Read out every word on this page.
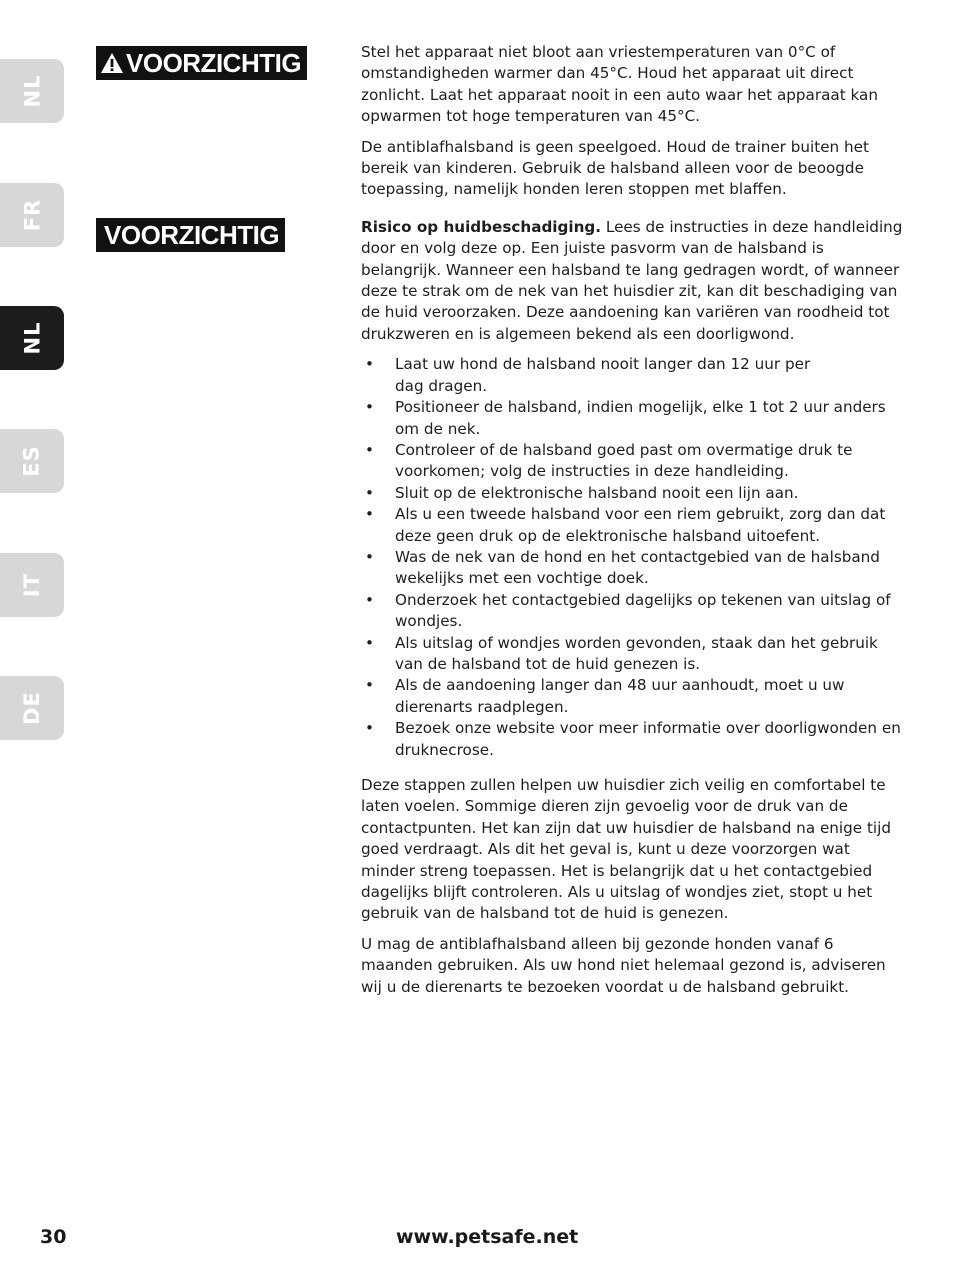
NL
FR
NL
ES
IT
DE
VOORZICHTIG
VOORZICHTIG

Stel het apparaat niet bloot aan vriestemperaturen van 0°C of omstandigheden warmer dan 45°C. Houd het apparaat uit direct zonlicht. Laat het apparaat nooit in een auto waar het apparaat kan opwarmen tot hoge temperaturen van 45°C.

De antiblafhalsband is geen speelgoed. Houd de trainer buiten het bereik van kinderen. Gebruik de halsband alleen voor de beoogde toepassing, namelijk honden leren stoppen met blaffen.

Risico op huidbeschadiging. Lees de instructies in deze handleiding door en volg deze op. Een juiste pasvorm van de halsband is belangrijk. Wanneer een halsband te lang gedragen wordt, of wanneer deze te strak om de nek van het huisdier zit, kan dit beschadiging van de huid veroorzaken. Deze aandoening kan variëren van roodheid tot drukzweren en is algemeen bekend als een doorligwond.

• Laat uw hond de halsband nooit langer dan 12 uur per dag dragen.
• Positioneer de halsband, indien mogelijk, elke 1 tot 2 uur anders om de nek.
• Controleer of de halsband goed past om overmatige druk te voorkomen; volg de instructies in deze handleiding.
• Sluit op de elektronische halsband nooit een lijn aan.
• Als u een tweede halsband voor een riem gebruikt, zorg dan dat deze geen druk op de elektronische halsband uitoefent.
• Was de nek van de hond en het contactgebied van de halsband wekelijks met een vochtige doek.
• Onderzoek het contactgebied dagelijks op tekenen van uitslag of wondjes.
• Als uitslag of wondjes worden gevonden, staak dan het gebruik van de halsband tot de huid genezen is.
• Als de aandoening langer dan 48 uur aanhoudt, moet u uw dierenarts raadplegen.
• Bezoek onze website voor meer informatie over doorligwonden en druknecrose.

Deze stappen zullen helpen uw huisdier zich veilig en comfortabel te laten voelen. Sommige dieren zijn gevoelig voor de druk van de contactpunten. Het kan zijn dat uw huisdier de halsband na enige tijd goed verdraagt. Als dit het geval is, kunt u deze voorzorgen wat minder streng toepassen. Het is belangrijk dat u het contactgebied dagelijks blijft controleren. Als u uitslag of wondjes ziet, stopt u het gebruik van de halsband tot de huid is genezen.

U mag de antiblafhalsband alleen bij gezonde honden vanaf 6 maanden gebruiken. Als uw hond niet helemaal gezond is, adviseren wij u de dierenarts te bezoeken voordat u de halsband gebruikt.

30	www.petsafe.net
